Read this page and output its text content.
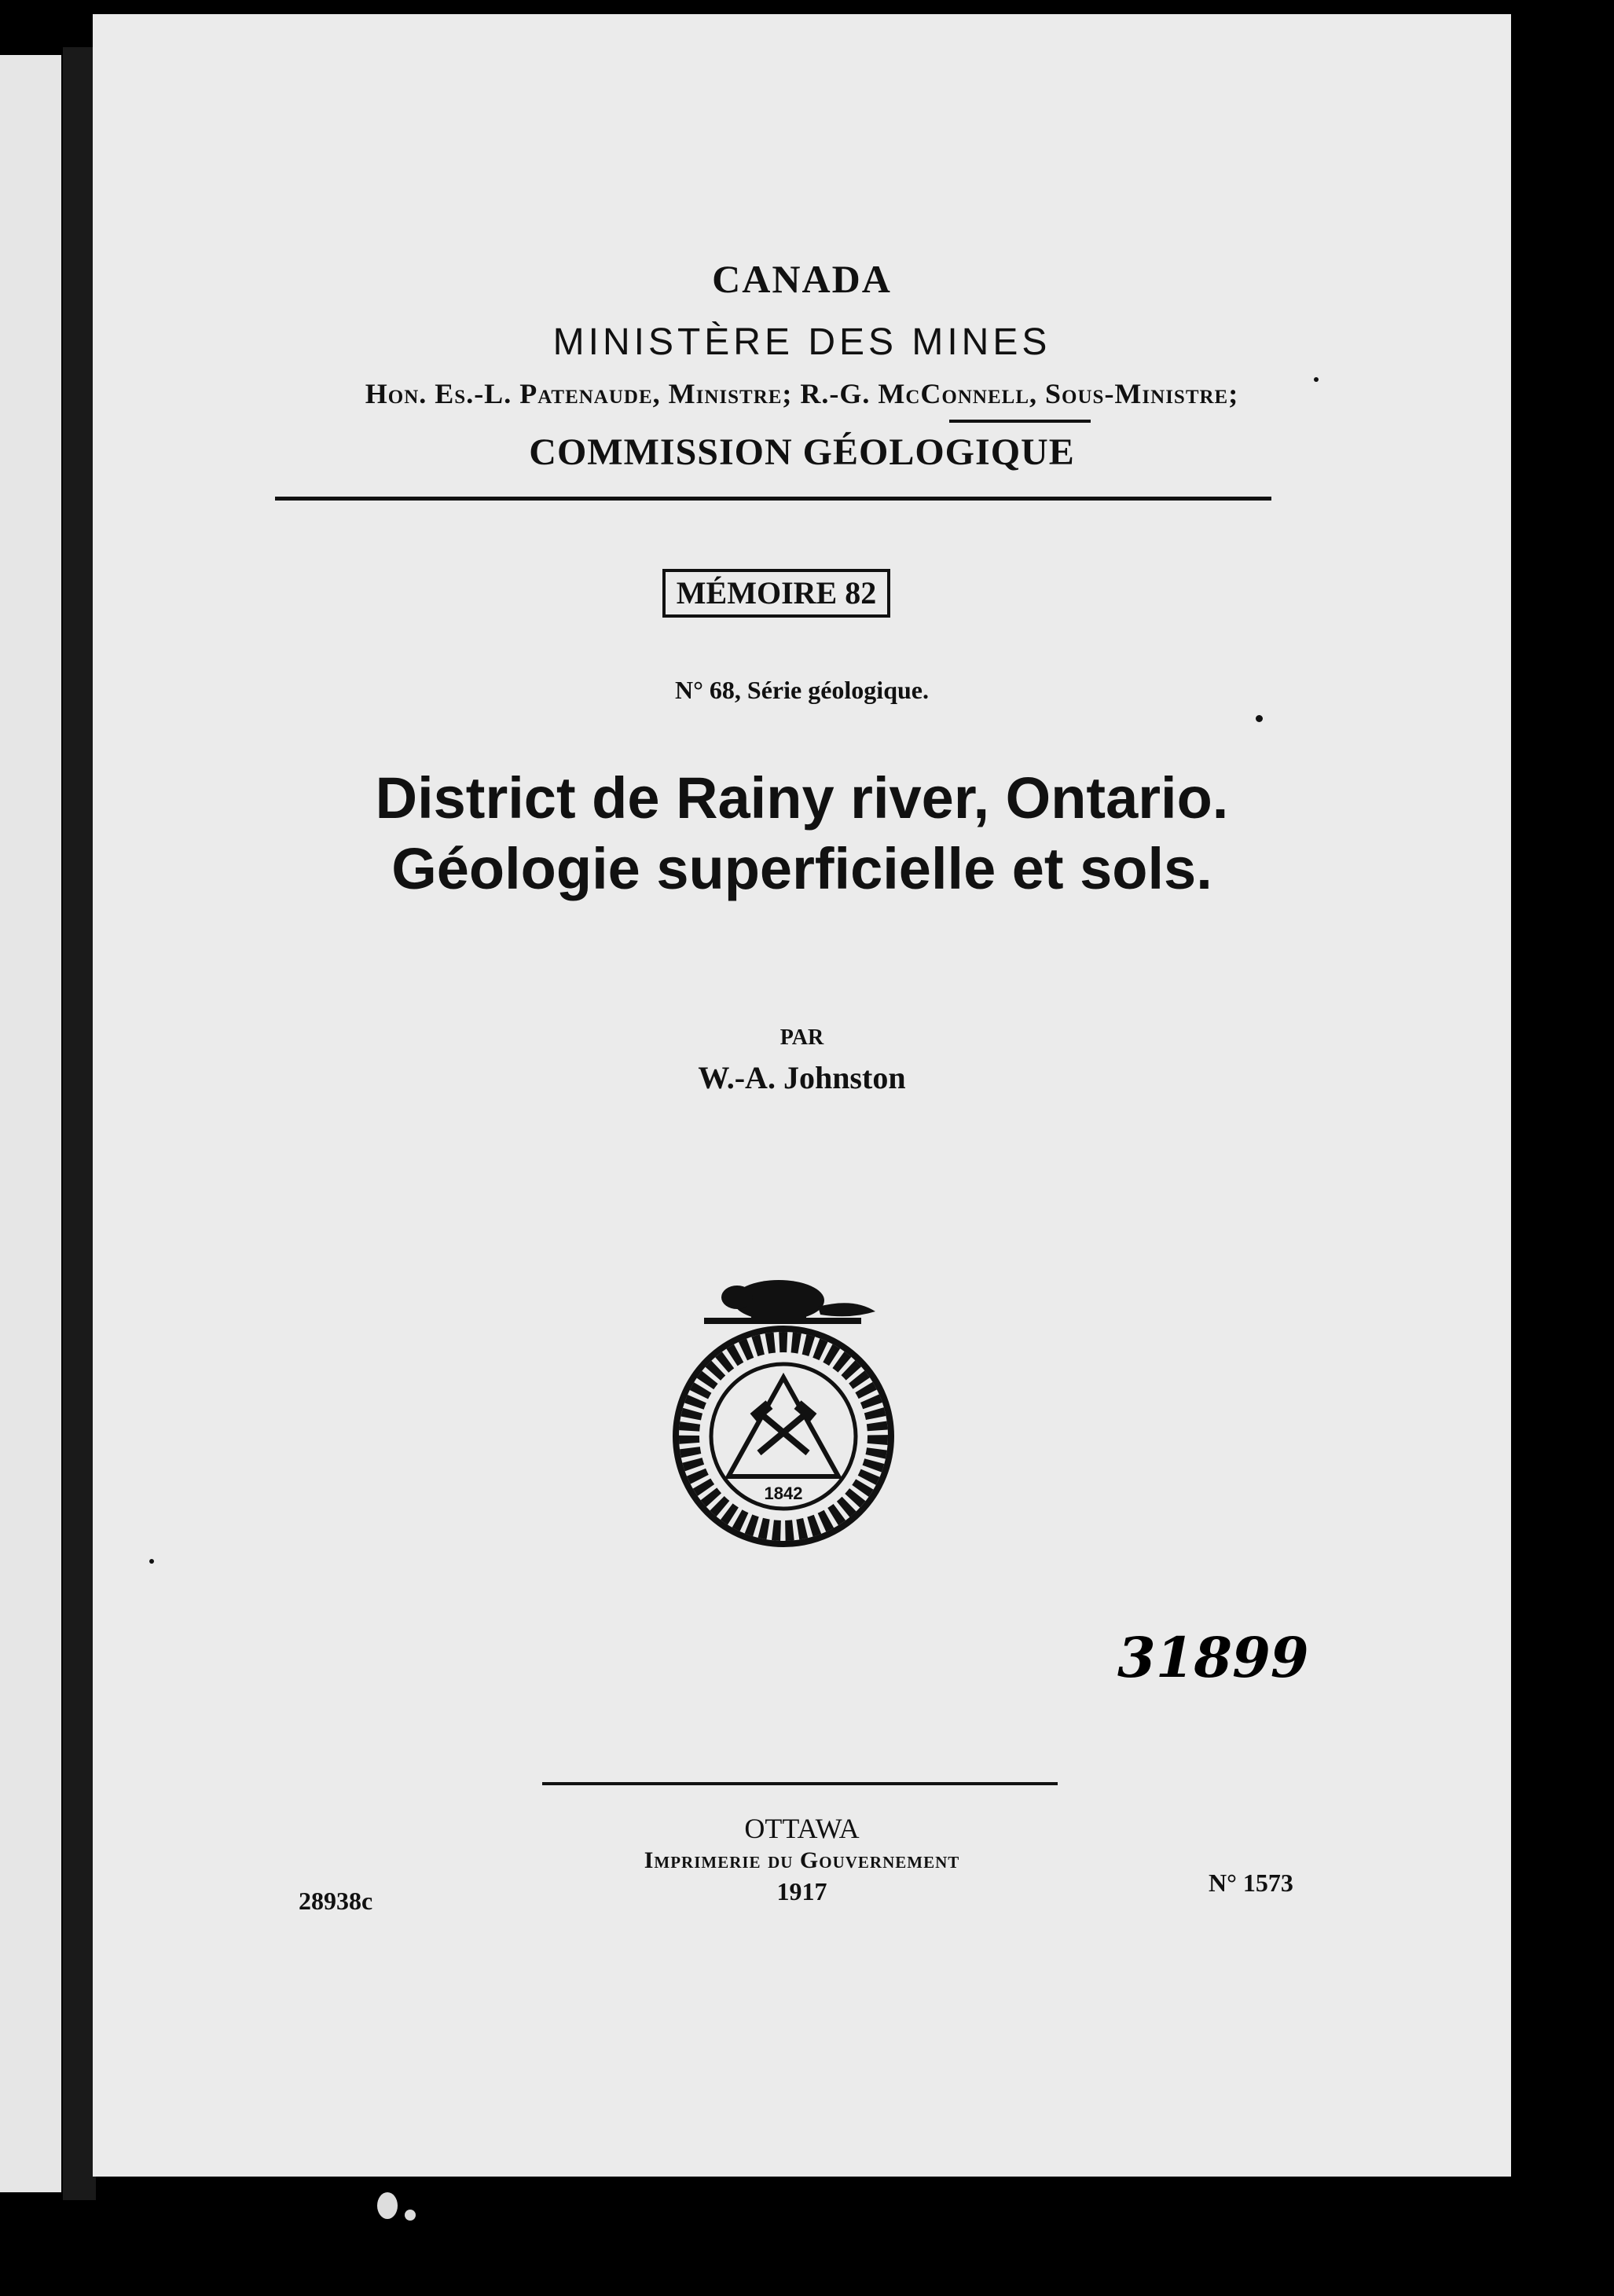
CANADA
MINISTÈRE DES MINES
Hon. Es.-L. Patenaude, Ministre; R.-G. McConnell, Sous-Ministre;
COMMISSION GÉOLOGIQUE
MÉMOIRE 82
N° 68, Série géologique.
District de Rainy river, Ontario.
Géologie superficielle et sols.
PAR
W.-A. Johnston
1842
31899
OTTAWA
Imprimerie du Gouvernement
1917
28938c
N° 1573
